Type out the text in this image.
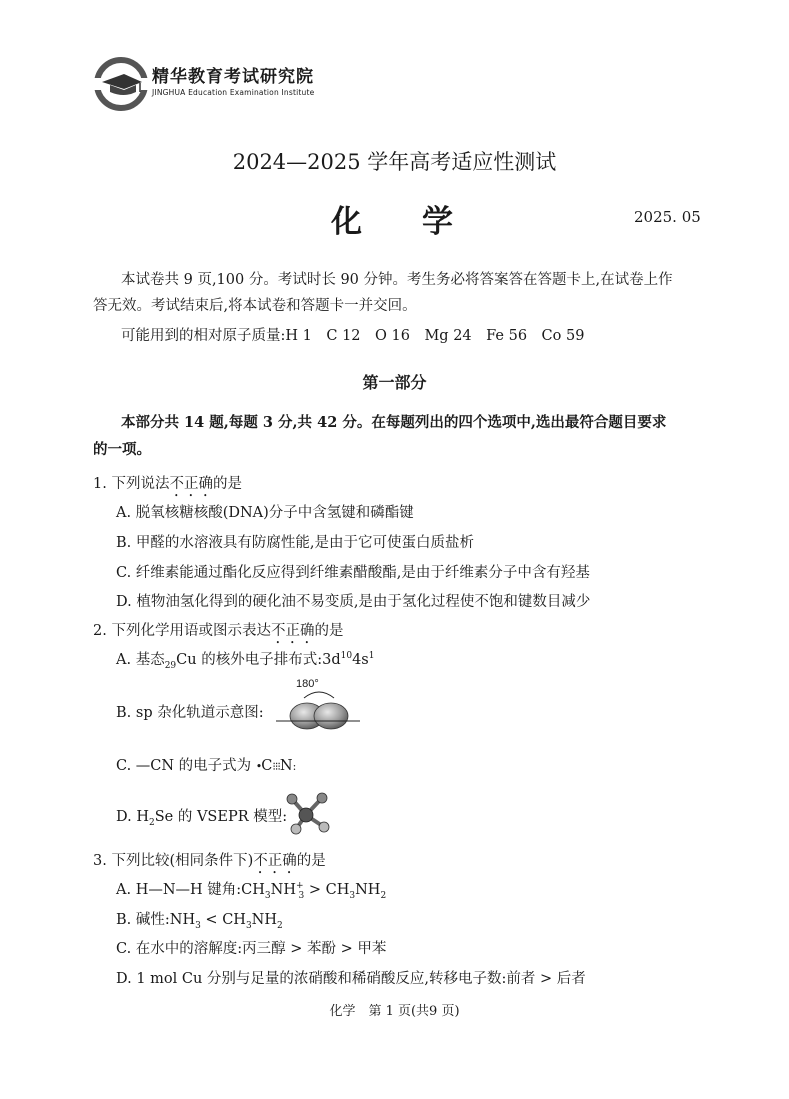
精华教育考试研究院
JINGHUA Education Examination Institute
2024—2025 学年高考适应性测试
化学	2025. 05
本试卷共 9 页,100 分。考试时长 90 分钟。考生务必将答案答在答题卡上,在试卷上作
答无效。考试结束后,将本试卷和答题卡一并交回。
可能用到的相对原子质量:H 1　C 12　O 16　Mg 24　Fe 56　Co 59
第一部分
本部分共 14 题,每题 3 分,共 42 分。在每题列出的四个选项中,选出最符合题目要求
的一项。
1. 下列说法不正确的是
A. 脱氧核糖核酸(DNA)分子中含氢键和磷酯键
B. 甲醛的水溶液具有防腐性能,是由于它可使蛋白质盐析
C. 纤维素能通过酯化反应得到纤维素醋酸酯,是由于纤维素分子中含有羟基
D. 植物油氢化得到的硬化油不易变质,是由于氢化过程使不饱和键数目减少
2. 下列化学用语或图示表达不正确的是
A. 基态$_{29}$Cu 的核外电子排布式$:3d^{10}4s^1$
B. sp 杂化轨道示意图:
180°
C. —CN 的电子式为 •C⁝⁝⁝N:
D. $H_2Se$ 的 VSEPR 模型:
3. 下列比较(相同条件下)不正确的是
A. H—N—H 键角$:CH_3NH^+_3 > CH_3NH_2$
B. 碱性$:NH_3 < CH_3NH_2$
C. 在水中的溶解度:丙三醇 > 苯酚 > 甲苯
D. 1 mol Cu 分别与足量的浓硝酸和稀硝酸反应,转移电子数:前者 > 后者
化学　第 1 页(共9 页)
